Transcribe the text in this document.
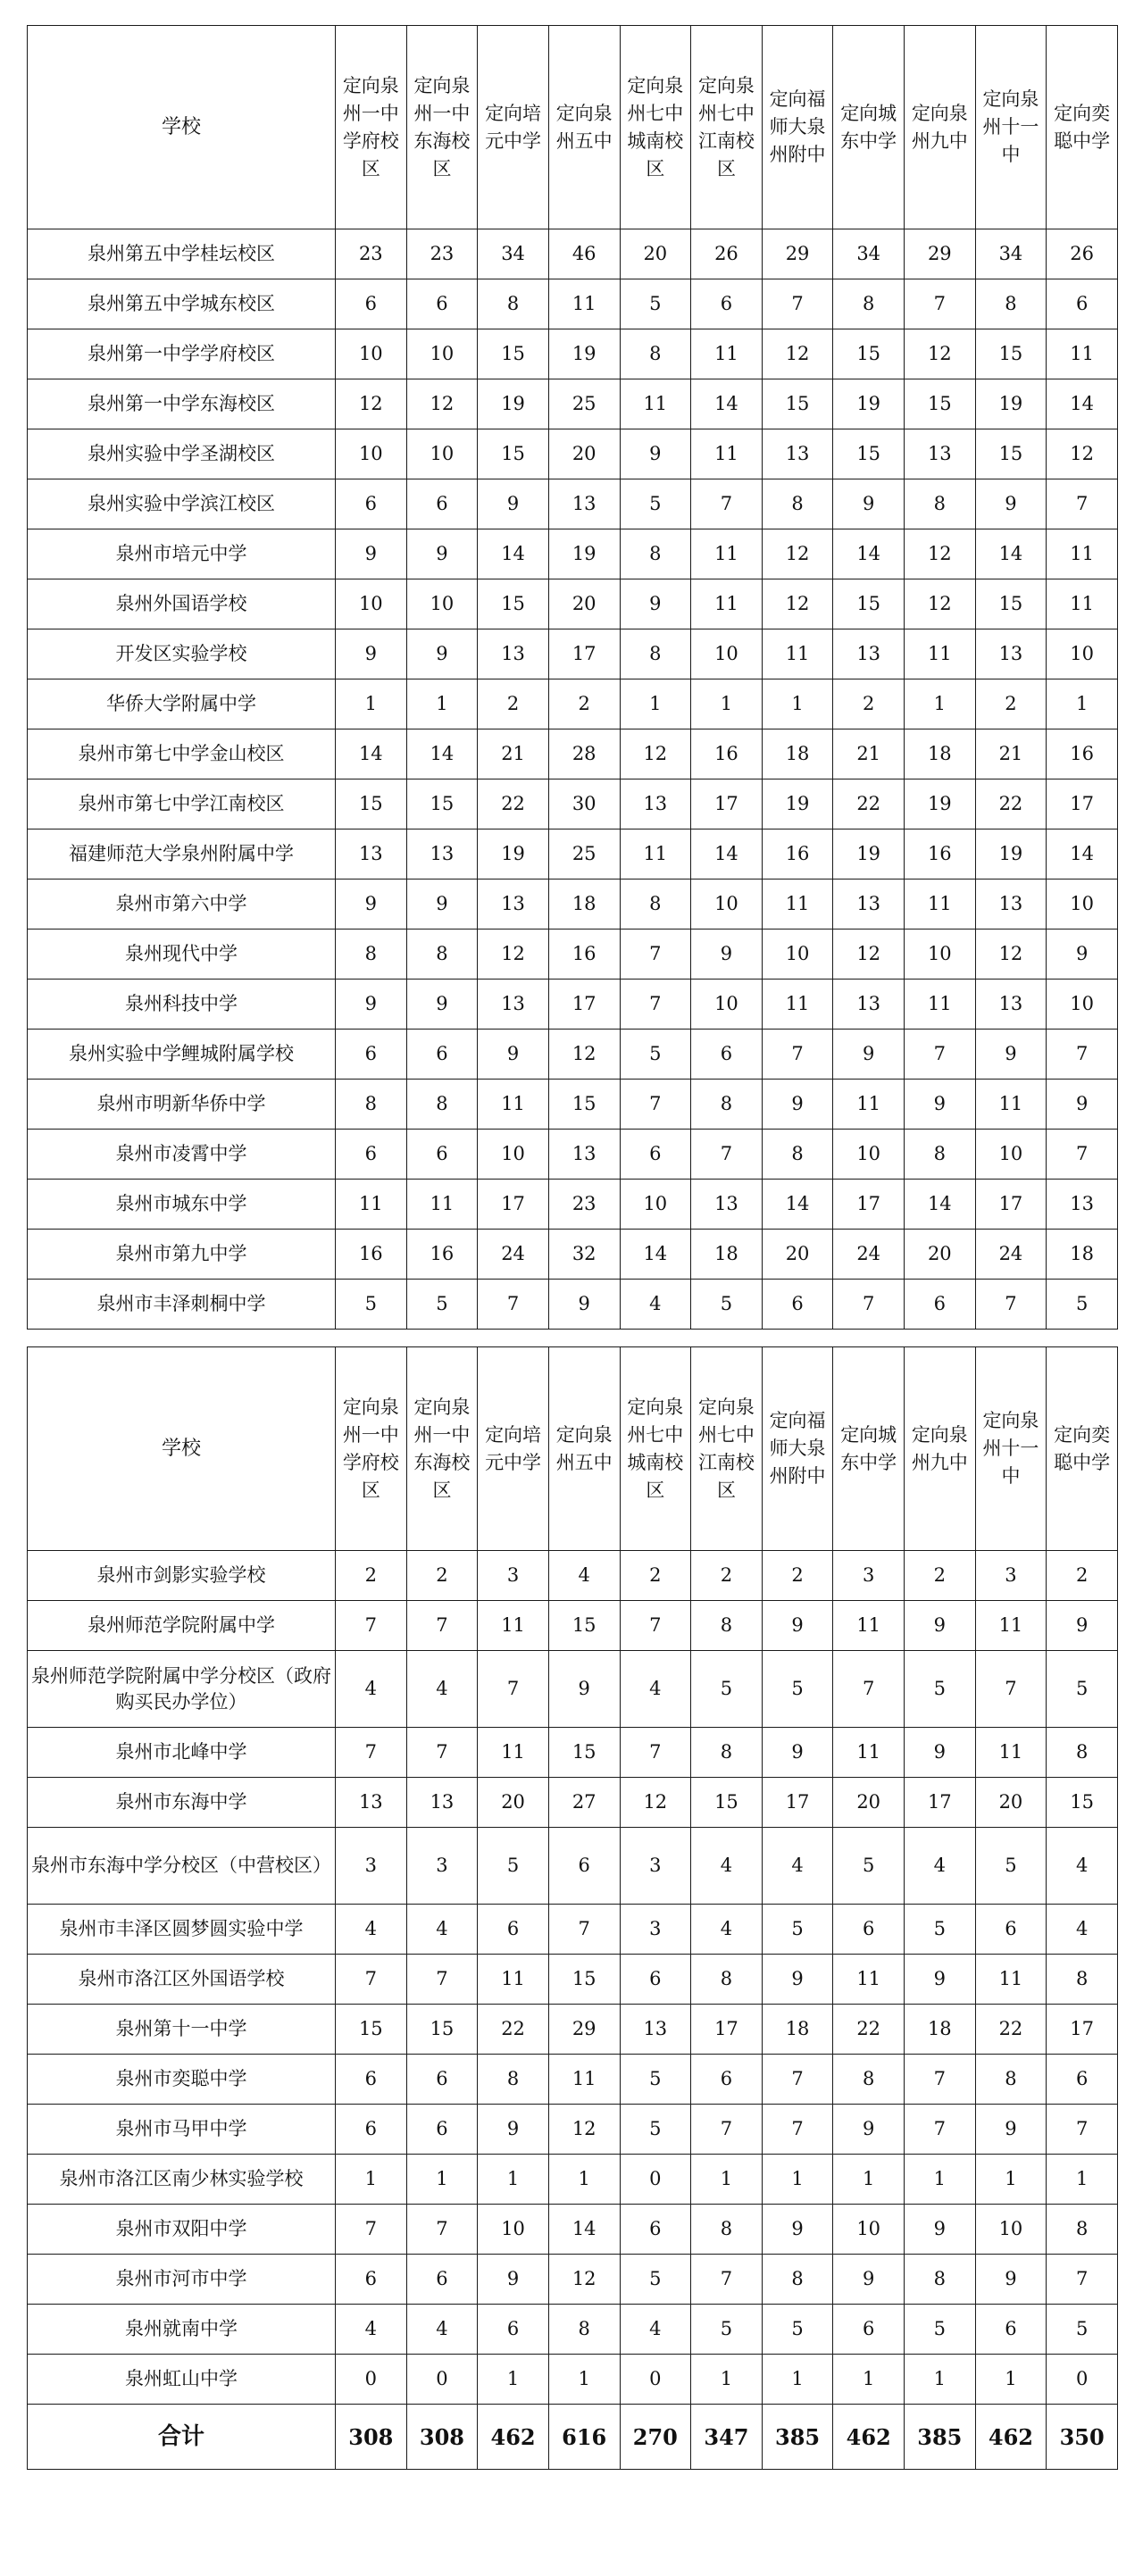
学校	定向泉州一中学府校区	定向泉州一中东海校区	定向培元中学	定向泉州五中	定向泉州七中城南校区	定向泉州七中江南校区	定向福师大泉州附中	定向城东中学	定向泉州九中	定向泉州十一中	定向奕聪中学
泉州第五中学桂坛校区	23	23	34	46	20	26	29	34	29	34	26
泉州第五中学城东校区	6	6	8	11	5	6	7	8	7	8	6
泉州第一中学学府校区	10	10	15	19	8	11	12	15	12	15	11
泉州第一中学东海校区	12	12	19	25	11	14	15	19	15	19	14
泉州实验中学圣湖校区	10	10	15	20	9	11	13	15	13	15	12
泉州实验中学滨江校区	6	6	9	13	5	7	8	9	8	9	7
泉州市培元中学	9	9	14	19	8	11	12	14	12	14	11
泉州外国语学校	10	10	15	20	9	11	12	15	12	15	11
开发区实验学校	9	9	13	17	8	10	11	13	11	13	10
华侨大学附属中学	1	1	2	2	1	1	1	2	1	2	1
泉州市第七中学金山校区	14	14	21	28	12	16	18	21	18	21	16
泉州市第七中学江南校区	15	15	22	30	13	17	19	22	19	22	17
福建师范大学泉州附属中学	13	13	19	25	11	14	16	19	16	19	14
泉州市第六中学	9	9	13	18	8	10	11	13	11	13	10
泉州现代中学	8	8	12	16	7	9	10	12	10	12	9
泉州科技中学	9	9	13	17	7	10	11	13	11	13	10
泉州实验中学鲤城附属学校	6	6	9	12	5	6	7	9	7	9	7
泉州市明新华侨中学	8	8	11	15	7	8	9	11	9	11	9
泉州市凌霄中学	6	6	10	13	6	7	8	10	8	10	7
泉州市城东中学	11	11	17	23	10	13	14	17	14	17	13
泉州市第九中学	16	16	24	32	14	18	20	24	20	24	18
泉州市丰泽刺桐中学	5	5	7	9	4	5	6	7	6	7	5
学校	定向泉州一中学府校区	定向泉州一中东海校区	定向培元中学	定向泉州五中	定向泉州七中城南校区	定向泉州七中江南校区	定向福师大泉州附中	定向城东中学	定向泉州九中	定向泉州十一中	定向奕聪中学
泉州市剑影实验学校	2	2	3	4	2	2	2	3	2	3	2
泉州师范学院附属中学	7	7	11	15	7	8	9	11	9	11	9
泉州师范学院附属中学分校区（政府购买民办学位）	4	4	7	9	4	5	5	7	5	7	5
泉州市北峰中学	7	7	11	15	7	8	9	11	9	11	8
泉州市东海中学	13	13	20	27	12	15	17	20	17	20	15
泉州市东海中学分校区（中营校区）	3	3	5	6	3	4	4	5	4	5	4
泉州市丰泽区圆梦圆实验中学	4	4	6	7	3	4	5	6	5	6	4
泉州市洛江区外国语学校	7	7	11	15	6	8	9	11	9	11	8
泉州第十一中学	15	15	22	29	13	17	18	22	18	22	17
泉州市奕聪中学	6	6	8	11	5	6	7	8	7	8	6
泉州市马甲中学	6	6	9	12	5	7	7	9	7	9	7
泉州市洛江区南少林实验学校	1	1	1	1	0	1	1	1	1	1	1
泉州市双阳中学	7	7	10	14	6	8	9	10	9	10	8
泉州市河市中学	6	6	9	12	5	7	8	9	8	9	7
泉州就南中学	4	4	6	8	4	5	5	6	5	6	5
泉州虹山中学	0	0	1	1	0	1	1	1	1	1	0
合计	308	308	462	616	270	347	385	462	385	462	350
